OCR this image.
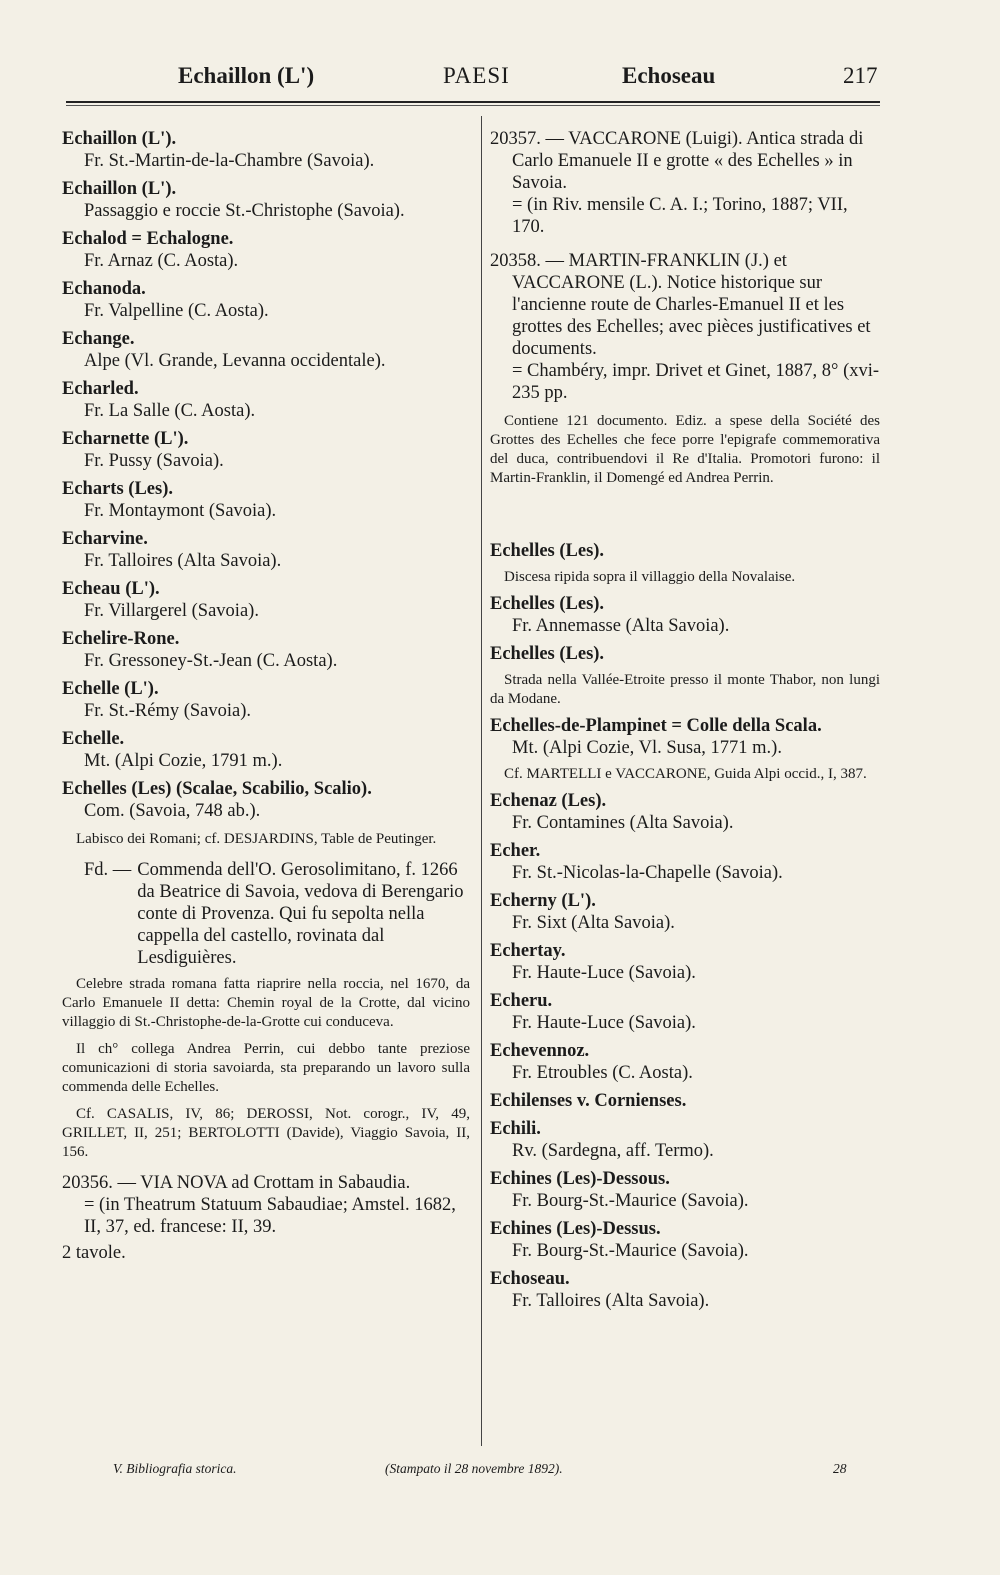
Echaillon (L')	PAESI	Echoseau	217
Echaillon (L').
Fr. St.-Martin-de-la-Chambre (Savoia).
Echaillon (L').
Passaggio e roccie St.-Christophe (Savoia).
Echalod = Echalogne.
Fr. Arnaz (C. Aosta).
Echanoda.
Fr. Valpelline (C. Aosta).
Echange.
Alpe (Vl. Grande, Levanna occidentale).
Echarled.
Fr. La Salle (C. Aosta).
Echarnette (L').
Fr. Pussy (Savoia).
Echarts (Les).
Fr. Montaymont (Savoia).
Echarvine.
Fr. Talloires (Alta Savoia).
Echeau (L').
Fr. Villargerel (Savoia).
Echelire-Rone.
Fr. Gressoney-St.-Jean (C. Aosta).
Echelle (L').
Fr. St.-Rémy (Savoia).
Echelle.
Mt. (Alpi Cozie, 1791 m.).
Echelles (Les) (Scalae, Scabilio, Scalio).
Com. (Savoia, 748 ab.).
Labisco dei Romani; cf. DESJARDINS, Table de Peutinger.
Fd. — Commenda dell'O. Gerosolimitano, f. 1266 da Beatrice di Savoia, vedova di Berengario conte di Provenza. Qui fu sepolta nella cappella del castello, rovinata dal Lesdiguières.
Celebre strada romana fatta riaprire nella roccia, nel 1670, da Carlo Emanuele II detta: Chemin royal de la Crotte, dal vicino villaggio di St.-Christophe-de-la-Grotte cui conduceva.
Il ch° collega Andrea Perrin, cui debbo tante preziose comunicazioni di storia savoiarda, sta preparando un lavoro sulla commenda delle Echelles.
Cf. CASALIS, IV, 86; DEROSSI, Not. corogr., IV, 49, GRILLET, II, 251; BERTOLOTTI (Davide), Viaggio Savoia, II, 156.
20356. — VIA NOVA ad Crottam in Sabaudia.
= (in Theatrum Statuum Sabaudiae; Amstel. 1682, II, 37, ed. francese: II, 39.
2 tavole.
20357. — VACCARONE (Luigi). Antica strada di Carlo Emanuele II e grotte « des Echelles » in Savoia.
= (in Riv. mensile C. A. I.; Torino, 1887; VII, 170.
20358. — MARTIN-FRANKLIN (J.) et VACCARONE (L.). Notice historique sur l'ancienne route de Charles-Emanuel II et les grottes des Echelles; avec pièces justificatives et documents.
= Chambéry, impr. Drivet et Ginet, 1887, 8° (xvi-235 pp.
Contiene 121 documento. Ediz. a spese della Société des Grottes des Echelles che fece porre l'epigrafe commemorativa del duca, contribuendovi il Re d'Italia. Promotori furono: il Martin-Franklin, il Domengé ed Andrea Perrin.
Echelles (Les).
Discesa ripida sopra il villaggio della Novalaise.
Echelles (Les).
Fr. Annemasse (Alta Savoia).
Echelles (Les).
Strada nella Vallée-Etroite presso il monte Thabor, non lungi da Modane.
Echelles-de-Plampinet = Colle della Scala.
Mt. (Alpi Cozie, Vl. Susa, 1771 m.).
Cf. MARTELLI e VACCARONE, Guida Alpi occid., I, 387.
Echenaz (Les).
Fr. Contamines (Alta Savoia).
Echer.
Fr. St.-Nicolas-la-Chapelle (Savoia).
Echerny (L').
Fr. Sixt (Alta Savoia).
Echertay.
Fr. Haute-Luce (Savoia).
Echeru.
Fr. Haute-Luce (Savoia).
Echevennoz.
Fr. Etroubles (C. Aosta).
Echilenses v. Cornienses.
Echili.
Rv. (Sardegna, aff. Termo).
Echines (Les)-Dessous.
Fr. Bourg-St.-Maurice (Savoia).
Echines (Les)-Dessus.
Fr. Bourg-St.-Maurice (Savoia).
Echoseau.
Fr. Talloires (Alta Savoia).
V. Bibliografia storica.	(Stampato il 28 novembre 1892).	28
